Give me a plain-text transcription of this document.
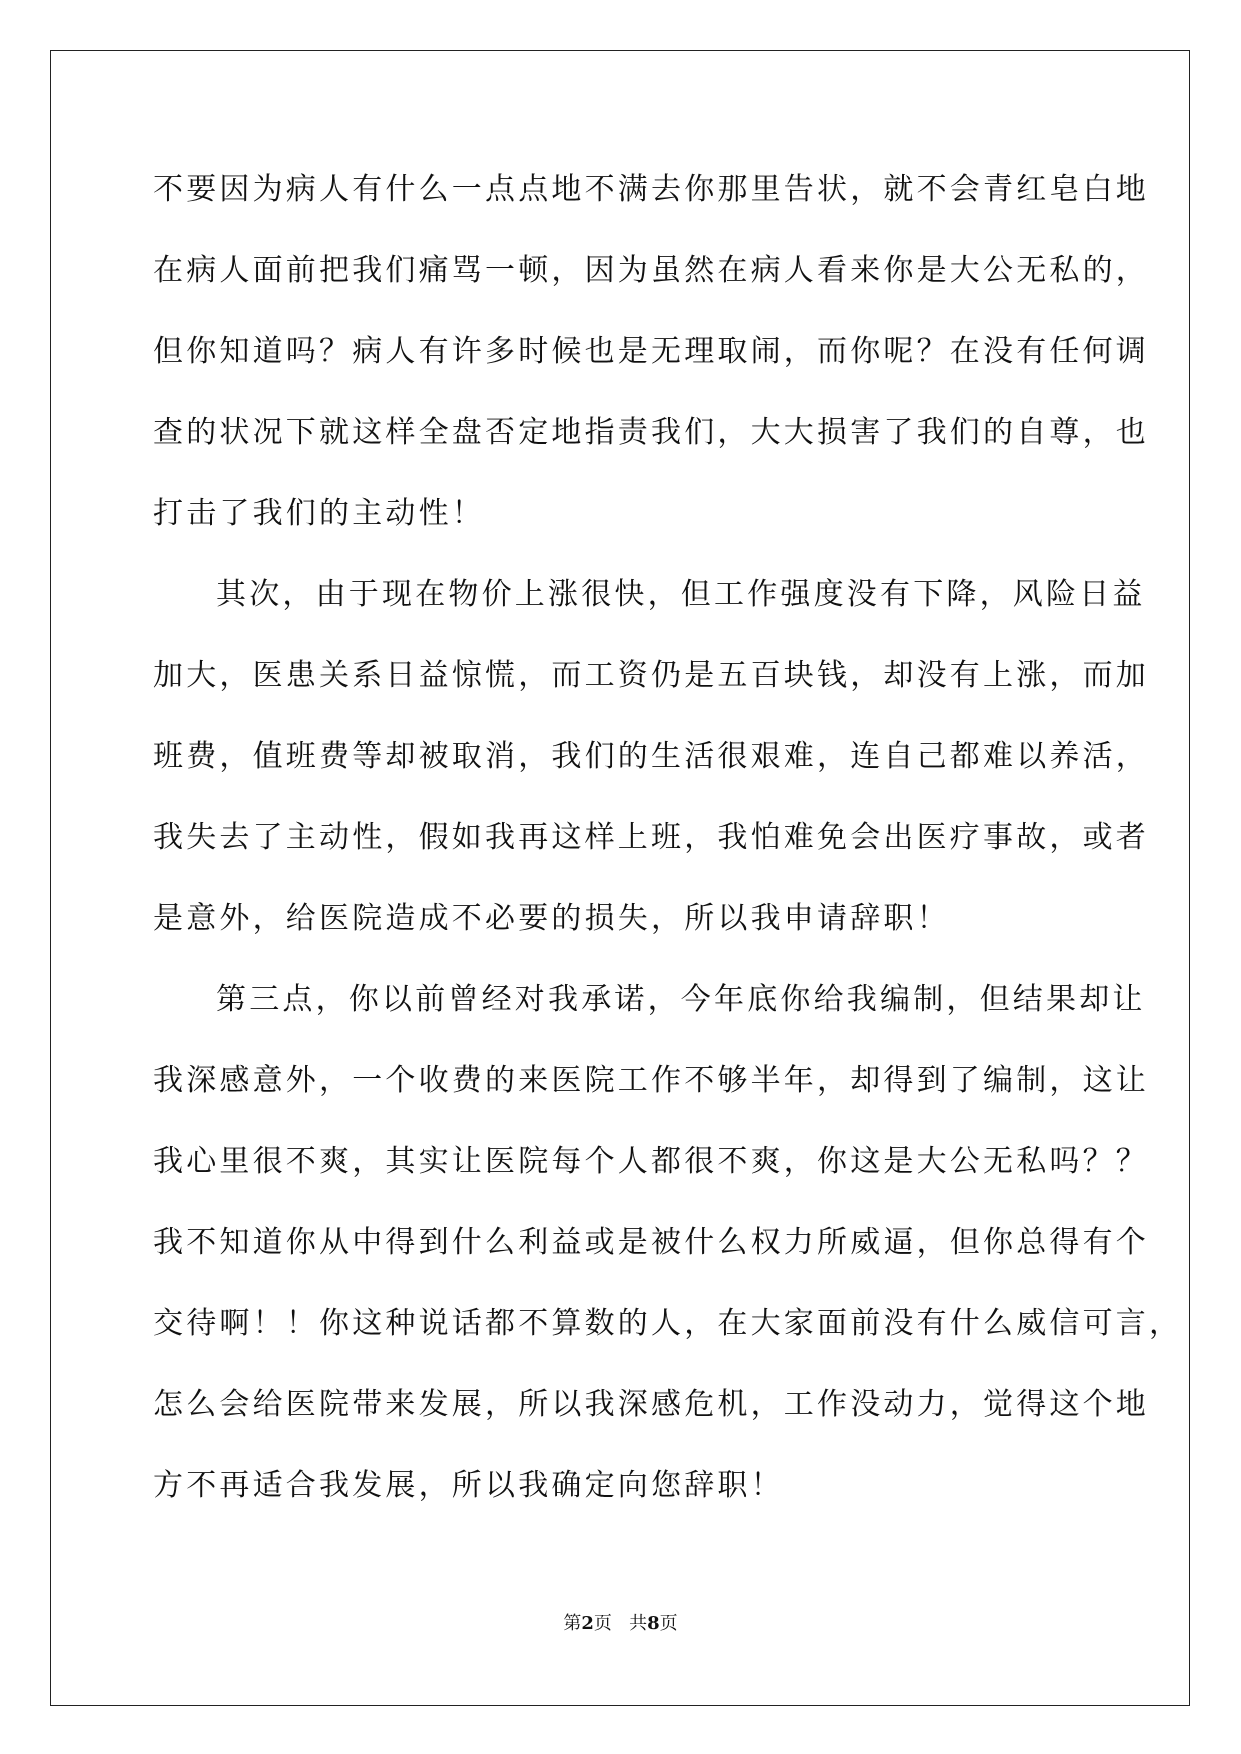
不要因为病人有什么一点点地不满去你那里告状，就不会青红皂白地
在病人面前把我们痛骂一顿，因为虽然在病人看来你是大公无私的，
但你知道吗？病人有许多时候也是无理取闹，而你呢？在没有任何调
查的状况下就这样全盘否定地指责我们，大大损害了我们的自尊，也
打击了我们的主动性！
其次，由于现在物价上涨很快，但工作强度没有下降，风险日益
加大，医患关系日益惊慌，而工资仍是五百块钱，却没有上涨，而加
班费，值班费等却被取消，我们的生活很艰难，连自己都难以养活，
我失去了主动性，假如我再这样上班，我怕难免会出医疗事故，或者
是意外，给医院造成不必要的损失，所以我申请辞职！
第三点，你以前曾经对我承诺，今年底你给我编制，但结果却让
我深感意外，一个收费的来医院工作不够半年，却得到了编制，这让
我心里很不爽，其实让医院每个人都很不爽，你这是大公无私吗？？
我不知道你从中得到什么利益或是被什么权力所威逼，但你总得有个
交待啊！！你这种说话都不算数的人，在大家面前没有什么威信可言，
怎么会给医院带来发展，所以我深感危机，工作没动力，觉得这个地
方不再适合我发展，所以我确定向您辞职！
第2页 共8页
